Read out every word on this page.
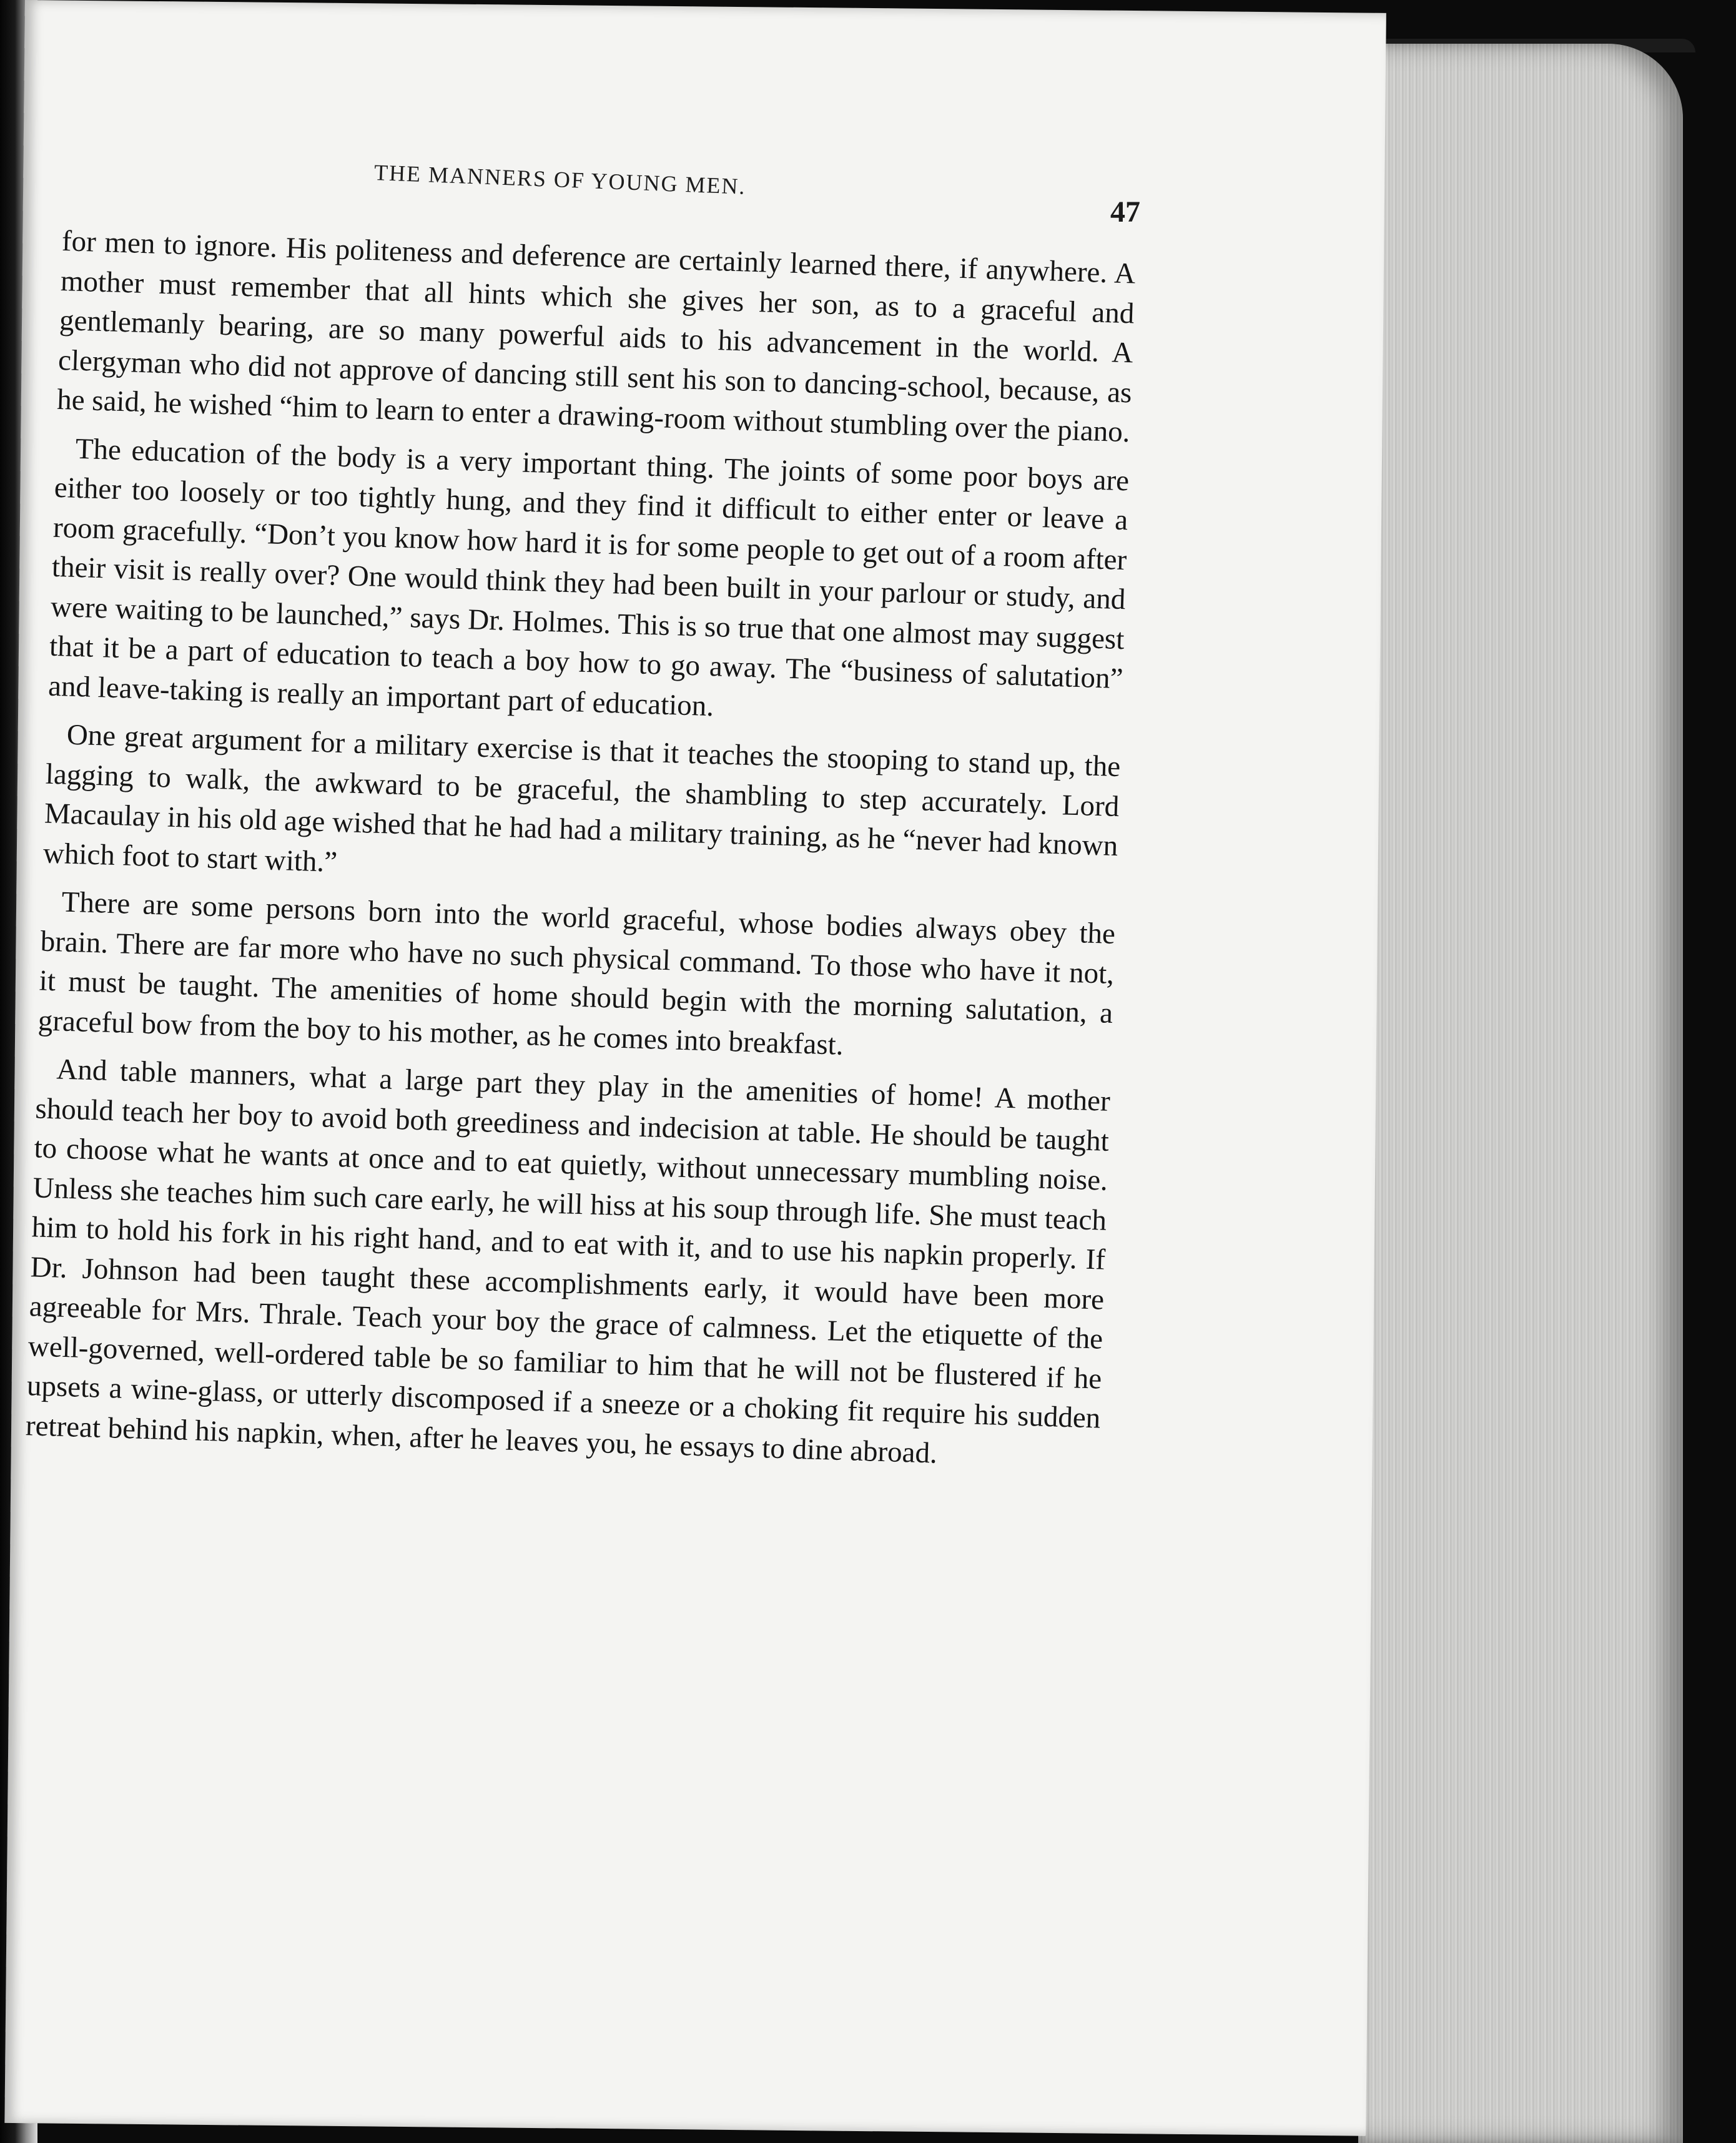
THE MANNERS OF YOUNG MEN.
47

for men to ignore. His politeness and deference are certainly learned there, if anywhere. A mother must remember that all hints which she gives her son, as to a graceful and gentlemanly bearing, are so many powerful aids to his advancement in the world. A clergyman who did not approve of dancing still sent his son to dancing-school, because, as he said, he wished “him to learn to enter a drawing-room without stumbling over the piano.

The education of the body is a very important thing. The joints of some poor boys are either too loosely or too tightly hung, and they find it difficult to either enter or leave a room gracefully. “Don’t you know how hard it is for some people to get out of a room after their visit is really over? One would think they had been built in your parlour or study, and were waiting to be launched,” says Dr. Holmes. This is so true that one almost may suggest that it be a part of education to teach a boy how to go away. The “business of salutation” and leave-taking is really an important part of education.

One great argument for a military exercise is that it teaches the stooping to stand up, the lagging to walk, the awkward to be graceful, the shambling to step accurately. Lord Macaulay in his old age wished that he had had a military training, as he “never had known which foot to start with.”

There are some persons born into the world graceful, whose bodies always obey the brain. There are far more who have no such physical command. To those who have it not, it must be taught. The amenities of home should begin with the morning salutation, a graceful bow from the boy to his mother, as he comes into breakfast.

And table manners, what a large part they play in the amenities of home! A mother should teach her boy to avoid both greediness and indecision at table. He should be taught to choose what he wants at once and to eat quietly, without unnecessary mumbling noise. Unless she teaches him such care early, he will hiss at his soup through life. She must teach him to hold his fork in his right hand, and to eat with it, and to use his napkin properly. If Dr. Johnson had been taught these accomplishments early, it would have been more agreeable for Mrs. Thrale. Teach your boy the grace of calmness. Let the etiquette of the well-governed, well-ordered table be so familiar to him that he will not be flustered if he upsets a wine-glass, or utterly discomposed if a sneeze or a choking fit require his sudden retreat behind his napkin, when, after he leaves you, he essays to dine abroad.
